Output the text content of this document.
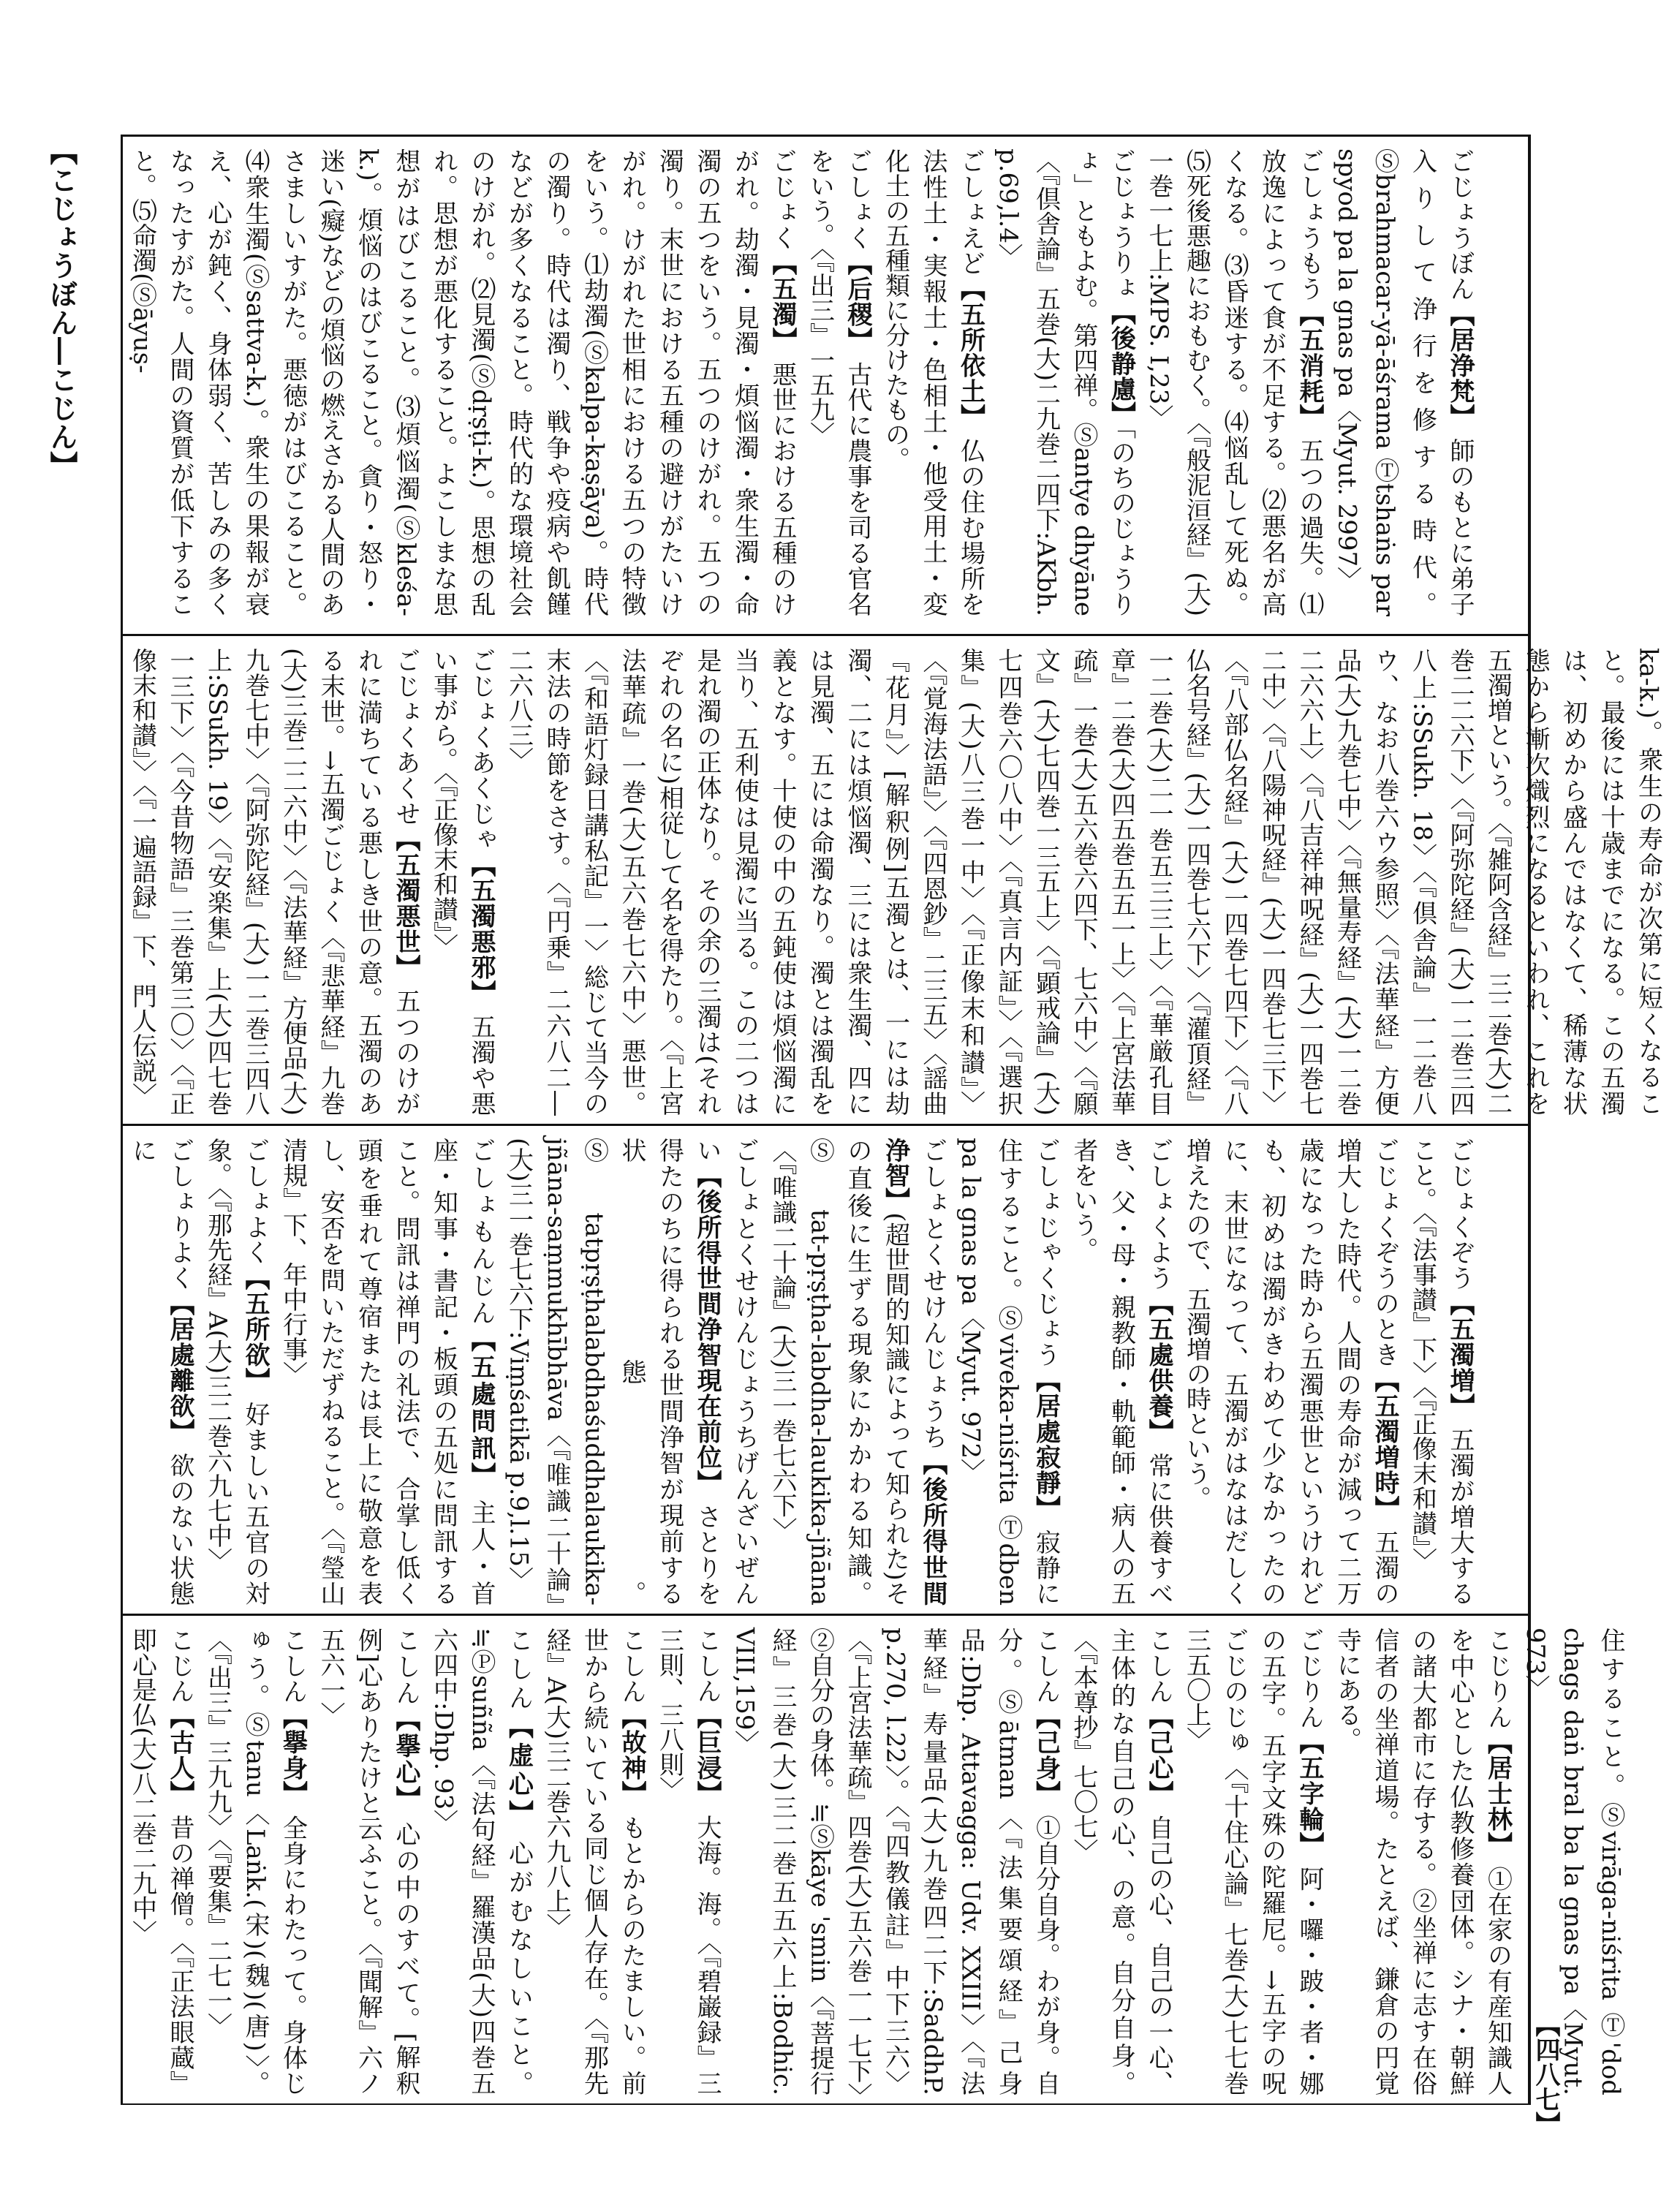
【こじょうぼん―こじん】
【四八七】

ごじょうぼん【居浄梵】 師のもとに弟子入りして浄行を修する時代。Ⓢbrahmacar-yā-āśrama Ⓣtshaṅs par spyod pa la gnas pa〈Myut. 2997〉

ごしょうもう【五消耗】 五つの過失。⑴放逸によって食が不足する。⑵悪名が高くなる。⑶昏迷する。⑷悩乱して死ぬ。⑸死後悪趣におもむく。〈『般泥洹経』(大)一巻一七上:MPS. I,23〉

ごじょうりょ【後静慮】「のちのじょうりょ」ともよむ。第四禅。Ⓢantye dhyāne〈『倶舎論』五巻(大)二九巻二四下:AKbh. p.69,l.4〉

ごしょえど【五所依土】 仏の住む場所を法性土・実報土・色相土・他受用土・変化土の五種類に分けたもの。

ごしょく【后稷】 古代に農事を司る官名をいう。〈『出三』一五九〉

ごじょく【五濁】 悪世における五種のけがれ。劫濁・見濁・煩悩濁・衆生濁・命濁の五つをいう。五つのけがれ。五つの濁り。末世における五種の避けがたいけがれ。けがれた世相における五つの特徴をいう。⑴劫濁(Ⓢkalpa-kaṣāya)。時代の濁り。時代は濁り、戦争や疫病や飢饉などが多くなること。時代的な環境社会のけがれ。⑵見濁(Ⓢdṛṣṭi-k.)。思想の乱れ。思想が悪化すること。よこしまな思想がはびこること。⑶煩悩濁(Ⓢkleśa-k.)。煩悩のはびこること。貪り・怒り・迷い(癡)などの煩悩の燃えさかる人間のあさましいすがた。悪徳がはびこること。⑷衆生濁(Ⓢsattva-k.)。衆生の果報が衰え、心が鈍く、身体弱く、苦しみの多くなったすがた。人間の資質が低下すること。⑸命濁(Ⓢāyuṣ-

ka-k.)。衆生の寿命が次第に短くなること。最後には十歳までになる。この五濁は、初めから盛んではなくて、稀薄な状態から漸次熾烈になるといわれ、これを五濁増という。〈『雑阿含経』三二巻(大)二巻二二六下〉〈『阿弥陀経』(大)一二巻三四八上:SSukh. 18〉〈『倶舎論』一二巻八ウ、なお八巻六ウ参照〉〈『法華経』方便品(大)九巻七中〉〈『無量寿経』(大)一二巻二六六上〉〈『八吉祥神呪経』(大)一四巻七二中〉〈『八陽神呪経』(大)一四巻七三下〉〈『八部仏名経』(大)一四巻七四下〉〈『八仏名号経』(大)一四巻七六下〉〈『灌頂経』一二巻(大)二一巻五三三上〉〈『華厳孔目章』二巻(大)四五巻五五一上〉〈『上宮法華疏』一巻(大)五六巻六四下、七六中〉〈『願文』(大)七四巻一三五上〉〈『顕戒論』(大)七四巻六〇八中〉〈『真言内証』〉〈『選択集』(大)八三巻一中〉〈『正像末和讃』〉〈『覚海法語』〉〈『四恩鈔』二三五〉〈謡曲『花月』〉[解釈例]五濁とは、一には劫濁、二には煩悩濁、三には衆生濁、四には見濁、五には命濁なり。濁とは濁乱を義となす。十使の中の五鈍使は煩悩濁に当り、五利使は見濁に当る。この二つは是れ濁の正体なり。その余の三濁は(それぞれの名に)相従して名を得たり。〈『上宮法華疏』一巻(大)五六巻七六中〉悪世。〈『和語灯録日講私記』一〉総じて当今の末法の時節をさす。〈『円乗』二六八二―二六八三〉

ごじょくあくじゃ【五濁悪邪】 五濁や悪い事がら。〈『正像末和讃』〉

ごじょくあくせ【五濁悪世】 五つのけがれに満ちている悪しき世の意。五濁のある末世。→五濁ごじょく〈『悲華経』九巻(大)三巻二二六中〉〈『法華経』方便品(大)九巻七中〉〈『阿弥陀経』(大)一二巻三四八上:SSukh. 19〉〈『安楽集』上(大)四七巻一三下〉〈『今昔物語』三巻第三〇〉〈『正像末和讃』〉〈『一遍語録』下、門人伝説〉

ごじょくぞう【五濁増】 五濁が増大すること。〈『法事讃』下〉〈『正像末和讃』〉

ごじょくぞうのとき【五濁増時】 五濁の増大した時代。人間の寿命が減って二万歳になった時から五濁悪世というけれども、初めは濁がきわめて少なかったのに、末世になって、五濁がはなはだしく増えたので、五濁増の時という。

ごしょくよう【五處供養】 常に供養すべき、父・母・親教師・軌範師・病人の五者をいう。

ごしょじゃくじょう【居處寂靜】 寂静に住すること。Ⓢviveka-niśrita Ⓣdben pa la gnas pa〈Myut. 972〉

ごしょとくせけんじょうち【後所得世間浄智】(超世間的知識によって知られた)その直後に生ずる現象にかかわる知識。Ⓢtat-pṛṣṭha-labdha-laukika-jñāna〈『唯識二十論』(大)三一巻七六下〉

ごしょとくせけんじょうちげんざいぜんい【後所得世間浄智現在前位】 さとりを得たのちに得られる世間浄智が現前する状態。Ⓢtatpṛṣṭhalabdhaśuddhalaukika-jñāna-saṃmukhībhāva〈『唯識二十論』(大)三一巻七六下:Viṃśatikā p.9,l.15〉

ごしょもんじん【五處問訊】 主人・首座・知事・書記・板頭の五処に問訊すること。問訊は禅門の礼法で、合掌し低く頭を垂れて尊宿または長上に敬意を表し、安否を問いただずねること。〈『瑩山清規』下、年中行事〉

ごしょよく【五所欲】 好ましい五官の対象。〈『那先経』A(大)三二巻六九七中〉

ごしょりよく【居處離欲】 欲のない状態に

住すること。Ⓢvirāga-niśrita Ⓣ'dod chags daṅ bral ba la gnas pa〈Myut. 973〉

こじりん【居士林】 ①在家の有産知識人を中心とした仏教修養団体。シナ・朝鮮の諸大都市に存する。②坐禅に志す在俗信者の坐禅道場。たとえば、鎌倉の円覚寺にある。

ごじりん【五字輪】 阿・囉・跛・者・娜の五字。五字文殊の陀羅尼。→五字の呪ごじのじゅ〈『十住心論』七巻(大)七七巻三五〇上〉

こしん【己心】 自己の心、自己の一心、主体的な自己の心、の意。自分自身。〈『本尊抄』七〇七〉

こしん【己身】 ①自分自身。わが身。自分。Ⓢātman〈『法集要頌経』己身品:Dhp. Attavagga: Udv. XXIII〉〈『法華経』寿量品(大)九巻四二下:SaddhP. p.270, l.22〉。〈『四教儀註』中下三六〉〈『上宮法華疏』四巻(大)五六巻一一七下〉②自分の身体。≒Ⓢkāye 'smin〈『菩提行経』三巻(大)三二巻五五六上:Bodhic. VIII,159〉

こしん【巨浸】 大海。海。〈『碧巌録』三三則、三八則〉

こしん【故神】 もとからのたましい。前世から続いている同じ個人存在。〈『那先経』A(大)三二巻六九八上〉

こしん【虚心】 心がむなしいこと。≒Ⓟsuñña〈『法句経』羅漢品(大)四巻五六四中:Dhp. 93〉

こしん【擧心】 心の中のすべて。[解釈例]心ありたけと云ふこと。〈『聞解』六ノ五六一〉

こしん【擧身】 全身にわたって。身体じゅう。Ⓢtanu〈Laṅk.(宋)(魏)(唐)〉。〈『出三』三九九〉〈『要集』二七一〉

こじん【古人】 昔の禅僧。〈『正法眼蔵』即心是仏(大)八二巻二九中〉
